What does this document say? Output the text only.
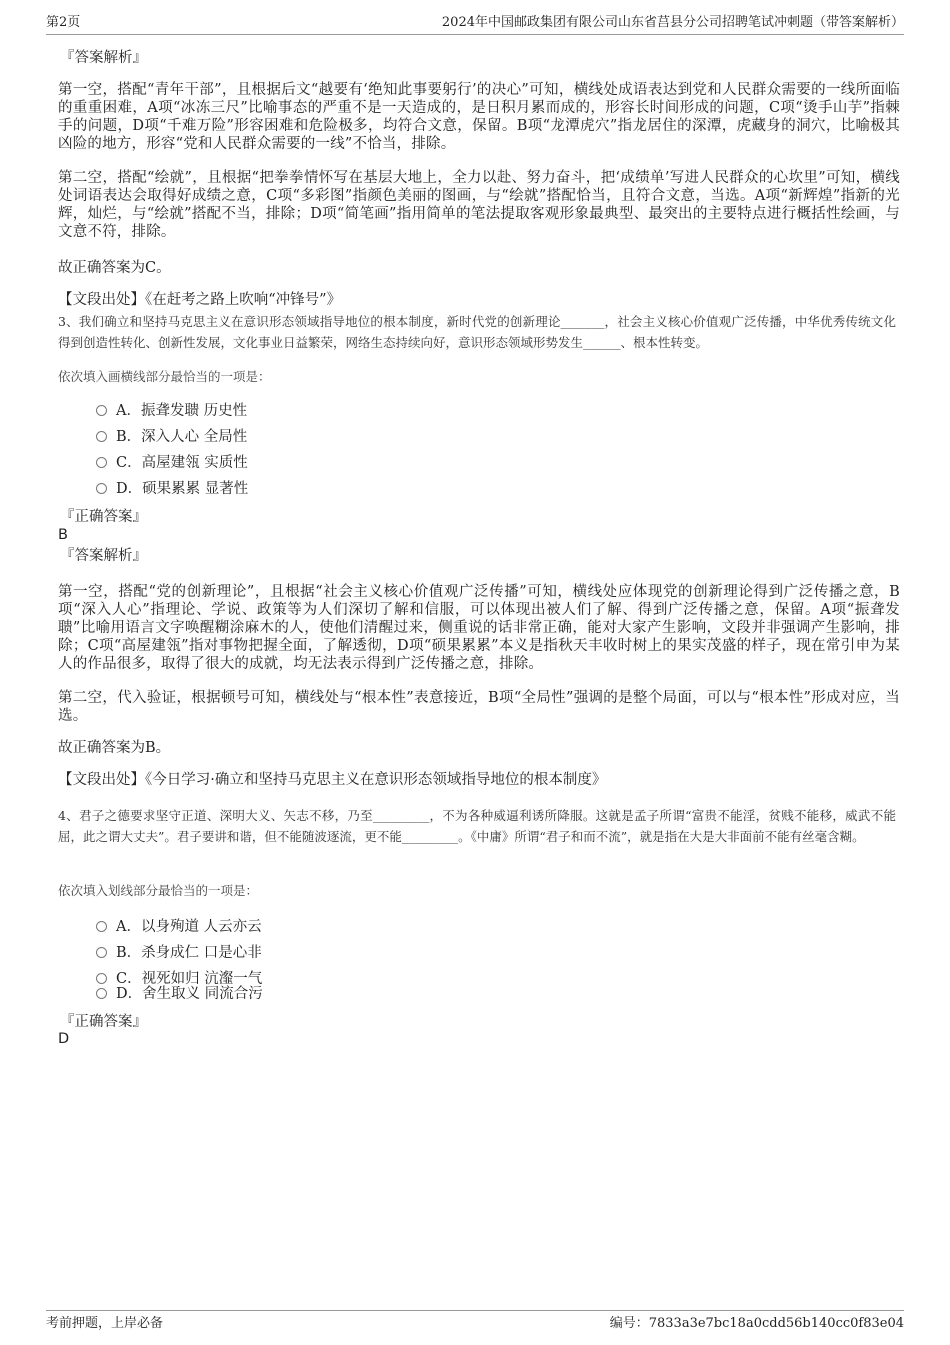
第2页	2024年中国邮政集团有限公司山东省莒县分公司招聘笔试冲刺题（带答案解析）
『答案解析』
第一空，搭配“青年干部”，且根据后文“越要有‘绝知此事要躬行’的决心”可知，横线处成语表达到党和人民群众需要的一线所面临的重重困难，A项“冰冻三尺”比喻事态的严重不是一天造成的，是日积月累而成的，形容长时间形成的问题，C项“烫手山芋”指棘手的问题，D项“千难万险”形容困难和危险极多，均符合文意，保留。B项“龙潭虎穴”指龙居住的深潭，虎藏身的洞穴，比喻极其凶险的地方，形容“党和人民群众需要的一线”不恰当，排除。
第二空，搭配“绘就”，且根据“把拳拳情怀写在基层大地上，全力以赴、努力奋斗，把‘成绩单’写进人民群众的心坎里”可知，横线处词语表达会取得好成绩之意，C项“多彩图”指颜色美丽的图画，与“绘就”搭配恰当，且符合文意，当选。A项“新辉煌”指新的光辉，灿烂，与“绘就”搭配不当，排除；D项“简笔画”指用简单的笔法提取客观形象最典型、最突出的主要特点进行概括性绘画，与文意不符，排除。
故正确答案为C。
【文段出处】《在赶考之路上吹响“冲锋号”》
3、我们确立和坚持马克思主义在意识形态领域指导地位的根本制度，新时代党的创新理论_______，社会主义核心价值观广泛传播，中华优秀传统文化得到创造性转化、创新性发展，文化事业日益繁荣，网络生态持续向好，意识形态领域形势发生______、根本性转变。
依次填入画横线部分最恰当的一项是：
A．振聋发聩 历史性
B．深入人心 全局性
C．高屋建瓴 实质性
D．硕果累累 显著性
『正确答案』
B
『答案解析』
第一空，搭配“党的创新理论”，且根据“社会主义核心价值观广泛传播”可知，横线处应体现党的创新理论得到广泛传播之意，B项“深入人心”指理论、学说、政策等为人们深切了解和信服，可以体现出被人们了解、得到广泛传播之意，保留。A项“振聋发聩”比喻用语言文字唤醒糊涂麻木的人，使他们清醒过来，侧重说的话非常正确，能对大家产生影响，文段并非强调产生影响，排除；C项“高屋建瓴”指对事物把握全面，了解透彻，D项“硕果累累”本义是指秋天丰收时树上的果实茂盛的样子，现在常引申为某人的作品很多，取得了很大的成就，均无法表示得到广泛传播之意，排除。
第二空，代入验证，根据顿号可知，横线处与“根本性”表意接近，B项“全局性”强调的是整个局面，可以与“根本性”形成对应，当选。
故正确答案为B。
【文段出处】《今日学习·确立和坚持马克思主义在意识形态领域指导地位的根本制度》
4、君子之德要求坚守正道、深明大义、矢志不移，乃至_________，不为各种威逼利诱所降服。这就是孟子所谓“富贵不能淫，贫贱不能移，威武不能屈，此之谓大丈夫”。君子要讲和谐，但不能随波逐流，更不能_________。《中庸》所谓“君子和而不流”，就是指在大是大非面前不能有丝毫含糊。
依次填入划线部分最恰当的一项是：
A．以身殉道 人云亦云
B．杀身成仁 口是心非
C．视死如归 沆瀣一气
D．舍生取义 同流合污
『正确答案』
D
考前押题，上岸必备	编号：7833a3e7bc18a0cdd56b140cc0f83e04
